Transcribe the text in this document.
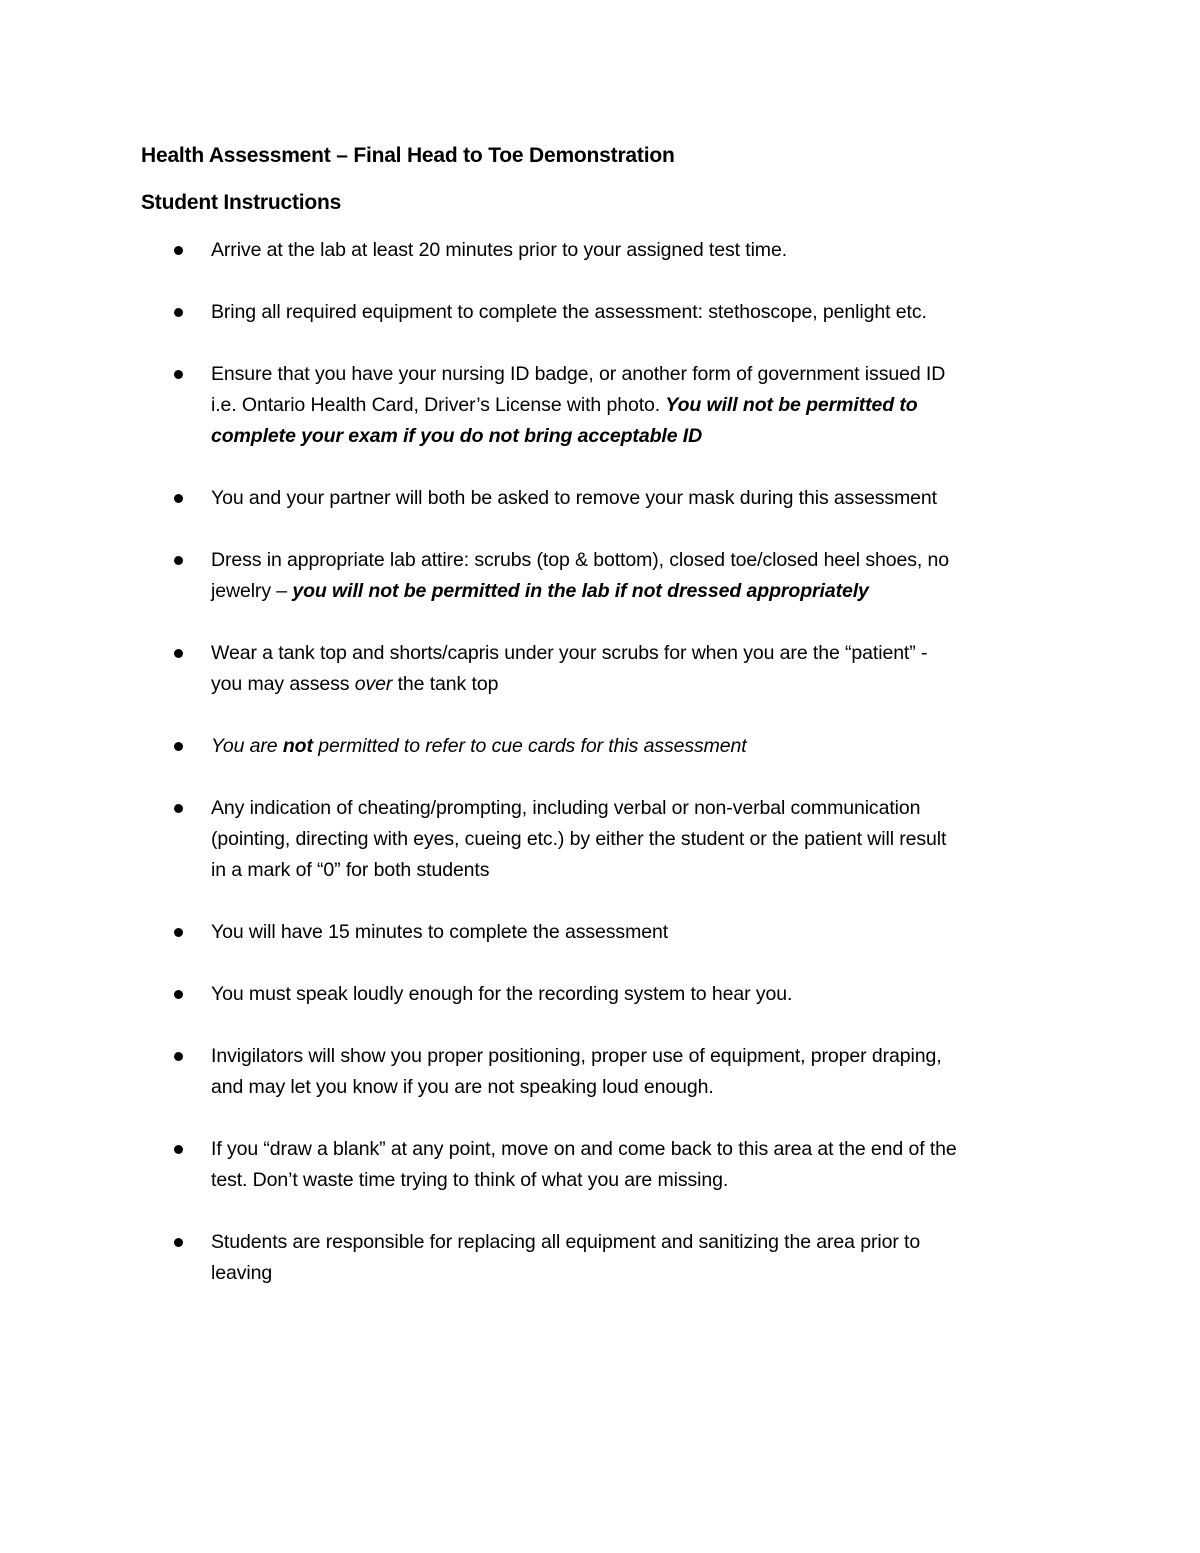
Health Assessment – Final Head to Toe Demonstration
Student Instructions
Arrive at the lab at least 20 minutes prior to your assigned test time.
Bring all required equipment to complete the assessment: stethoscope, penlight etc.
Ensure that you have your nursing ID badge, or another form of government issued ID
i.e. Ontario Health Card, Driver’s License with photo. You will not be permitted to
complete your exam if you do not bring acceptable ID
You and your partner will both be asked to remove your mask during this assessment
Dress in appropriate lab attire: scrubs (top & bottom), closed toe/closed heel shoes, no
jewelry – you will not be permitted in the lab if not dressed appropriately
Wear a tank top and shorts/capris under your scrubs for when you are the “patient” -
you may assess over the tank top
You are not permitted to refer to cue cards for this assessment
Any indication of cheating/prompting, including verbal or non-verbal communication
(pointing, directing with eyes, cueing etc.) by either the student or the patient will result
in a mark of “0” for both students
You will have 15 minutes to complete the assessment
You must speak loudly enough for the recording system to hear you.
Invigilators will show you proper positioning, proper use of equipment, proper draping,
and may let you know if you are not speaking loud enough.
If you “draw a blank” at any point, move on and come back to this area at the end of the
test. Don’t waste time trying to think of what you are missing.
Students are responsible for replacing all equipment and sanitizing the area prior to
leaving
